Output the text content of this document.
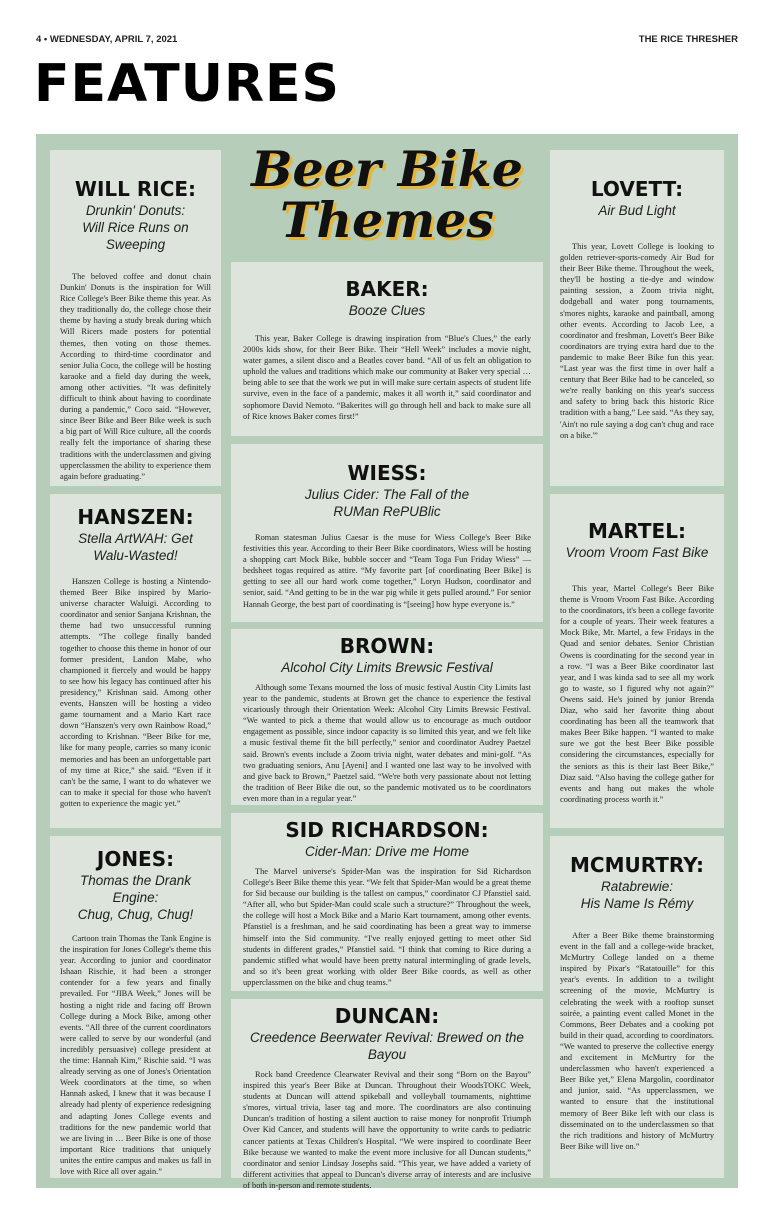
4 • WEDNESDAY, APRIL 7, 2021	THE RICE THRESHER
FEATURES
Beer Bike
Themes
WILL RICE:
Drunkin' Donuts:
Will Rice Runs on Sweeping

The beloved coffee and donut chain Dunkin' Donuts is the inspiration for Will Rice College's Beer Bike theme this year. As they traditionally do, the college chose their theme by having a study break during which Will Ricers made posters for potential themes, then voting on those themes. According to third-time coordinator and senior Julia Coco, the college will be hosting karaoke and a field day during the week, among other activities. “It was definitely difficult to think about having to coordinate during a pandemic,” Coco said. “However, since Beer Bike and Beer Bike week is such a big part of Will Rice culture, all the coords really felt the importance of sharing these traditions with the underclassmen and giving upperclassmen the ability to experience them again before graduating.”

HANSZEN:
Stella ArtWAH: Get
Walu-Wasted!

Hanszen College is hosting a Nintendo-themed Beer Bike inspired by Mario-universe character Waluigi. According to coordinator and senior Sanjana Krishnan, the theme had two unsuccessful running attempts. “The college finally banded together to choose this theme in honor of our former president, Landon Mabe, who championed it fiercely and would be happy to see how his legacy has continued after his presidency,” Krishnan said. Among other events, Hanszen will be hosting a video game tournament and a Mario Kart race down “Hanszen's very own Rainbow Road,” according to Krishnan. “Beer Bike for me, like for many people, carries so many iconic memories and has been an unforgettable part of my time at Rice,” she said. “Even if it can't be the same, I want to do whatever we can to make it special for those who haven't gotten to experience the magic yet.”

JONES:
Thomas the Drank Engine:
Chug, Chug, Chug!

Cartoon train Thomas the Tank Engine is the inspiration for Jones College's theme this year. According to junior and coordinator Ishaan Rischie, it had been a stronger contender for a few years and finally prevailed. For “JIBA Week,” Jones will be hosting a night ride and facing off Brown College during a Mock Bike, among other events. “All three of the current coordinators were called to serve by our wonderful (and incredibly persuasive) college president at the time: Hannah Kim,” Rischie said. “I was already serving as one of Jones's Orientation Week coordinators at the time, so when Hannah asked, I knew that it was because I already had plenty of experience redesigning and adapting Jones College events and traditions for the new pandemic world that we are living in … Beer Bike is one of those important Rice traditions that uniquely unites the entire campus and makes us fall in love with Rice all over again.”

BAKER:
Booze Clues

This year, Baker College is drawing inspiration from “Blue's Clues,” the early 2000s kids show, for their Beer Bike. Their “Hell Week” includes a movie night, water games, a silent disco and a Beatles cover band. “All of us felt an obligation to uphold the values and traditions which make our community at Baker very special … being able to see that the work we put in will make sure certain aspects of student life survive, even in the face of a pandemic, makes it all worth it,” said coordinator and sophomore David Nemoto. “Bakerites will go through hell and back to make sure all of Rice knows Baker comes first!”

WIESS:
Julius Cider: The Fall of the
RUMan RePUBlic

Roman statesman Julius Caesar is the muse for Wiess College's Beer Bike festivities this year. According to their Beer Bike coordinators, Wiess will be hosting a shopping cart Mock Bike, bubble soccer and “Team Toga Fun Friday Wiess” — bedsheet togas required as attire. “My favorite part [of coordinating Beer Bike] is getting to see all our hard work come together,” Loryn Hudson, coordinator and senior, said. “And getting to be in the war pig while it gets pulled around.” For senior Hannah George, the best part of coordinating is “[seeing] how hype everyone is.”

BROWN:
Alcohol City Limits Brewsic Festival

Although some Texans mourned the loss of music festival Austin City Limits last year to the pandemic, students at Brown get the chance to experience the festival vicariously through their Orientation Week: Alcohol City Limits Brewsic Festival. “We wanted to pick a theme that would allow us to encourage as much outdoor engagement as possible, since indoor capacity is so limited this year, and we felt like a music festival theme fit the bill perfectly,” senior and coordinator Audrey Paetzel said. Brown's events include a Zoom trivia night, water debates and mini-golf. “As two graduating seniors, Anu [Ayeni] and I wanted one last way to be involved with and give back to Brown,” Paetzel said. “We're both very passionate about not letting the tradition of Beer Bike die out, so the pandemic motivated us to be coordinators even more than in a regular year.”

SID RICHARDSON:
Cider-Man: Drive me Home

The Marvel universe's Spider-Man was the inspiration for Sid Richardson College's Beer Bike theme this year. “We felt that Spider-Man would be a great theme for Sid because our building is the tallest on campus,” coordinator CJ Pfanstiel said. “After all, who but Spider-Man could scale such a structure?” Throughout the week, the college will host a Mock Bike and a Mario Kart tournament, among other events. Pfanstiel is a freshman, and he said coordinating has been a great way to immerse himself into the Sid community. “I've really enjoyed getting to meet other Sid students in different grades,” Pfanstiel said. “I think that coming to Rice during a pandemic stifled what would have been pretty natural intermingling of grade levels, and so it's been great working with older Beer Bike coords, as well as other upperclassmen on the bike and chug teams.”

DUNCAN:
Creedence Beerwater Revival: Brewed on the Bayou

Rock band Creedence Clearwater Revival and their song “Born on the Bayou” inspired this year's Beer Bike at Duncan. Throughout their WoodsTOKC Week, students at Duncan will attend spikeball and volleyball tournaments, nighttime s'mores, virtual trivia, laser tag and more. The coordinators are also continuing Duncan's tradition of hosting a silent auction to raise money for nonprofit Triumph Over Kid Cancer, and students will have the opportunity to write cards to pediatric cancer patients at Texas Children's Hospital. “We were inspired to coordinate Beer Bike because we wanted to make the event more inclusive for all Duncan students,” coordinator and senior Lindsay Josephs said. “This year, we have added a variety of different activities that appeal to Duncan's diverse array of interests and are inclusive of both in-person and remote students.

LOVETT:
Air Bud Light

This year, Lovett College is looking to golden retriever-sports-comedy Air Bud for their Beer Bike theme. Throughout the week, they'll be hosting a tie-dye and window painting session, a Zoom trivia night, dodgeball and water pong tournaments, s'mores nights, karaoke and paintball, among other events. According to Jacob Lee, a coordinator and freshman, Lovett's Beer Bike coordinators are trying extra hard due to the pandemic to make Beer Bike fun this year. “Last year was the first time in over half a century that Beer Bike had to be canceled, so we're really banking on this year's success and safety to bring back this historic Rice tradition with a bang,” Lee said. “As they say, 'Ain't no rule saying a dog can't chug and race on a bike.'”

MARTEL:
Vroom Vroom Fast Bike

This year, Martel College's Beer Bike theme is Vroom Vroom Fast Bike. According to the coordinators, it's been a college favorite for a couple of years. Their week features a Mock Bike, Mr. Martel, a few Fridays in the Quad and senior debates. Senior Christian Owens is coordinating for the second year in a row. “I was a Beer Bike coordinator last year, and I was kinda sad to see all my work go to waste, so I figured why not again?” Owens said. He's joined by junior Brenda Diaz, who said her favorite thing about coordinating has been all the teamwork that makes Beer Bike happen. “I wanted to make sure we got the best Beer Bike possible considering the circumstances, especially for the seniors as this is their last Beer Bike,” Diaz said. “Also having the college gather for events and hang out makes the whole coordinating process worth it.”

MCMURTRY:
Ratabrewie:
His Name Is Rémy

After a Beer Bike theme brainstorming event in the fall and a college-wide bracket, McMurtry College landed on a theme inspired by Pixar's “Ratatouille” for this year's events. In addition to a twilight screening of the movie, McMurtry is celebrating the week with a rooftop sunset soirée, a painting event called Monet in the Commons, Beer Debates and a cooking pot build in their quad, according to coordinators. “We wanted to preserve the collective energy and excitement in McMurtry for the underclassmen who haven't experienced a Beer Bike yet,” Elena Margolin, coordinator and junior, said. “As upperclassmen, we wanted to ensure that the institutional memory of Beer Bike left with our class is disseminated on to the underclassmen so that the rich traditions and history of McMurtry Beer Bike will live on.”
